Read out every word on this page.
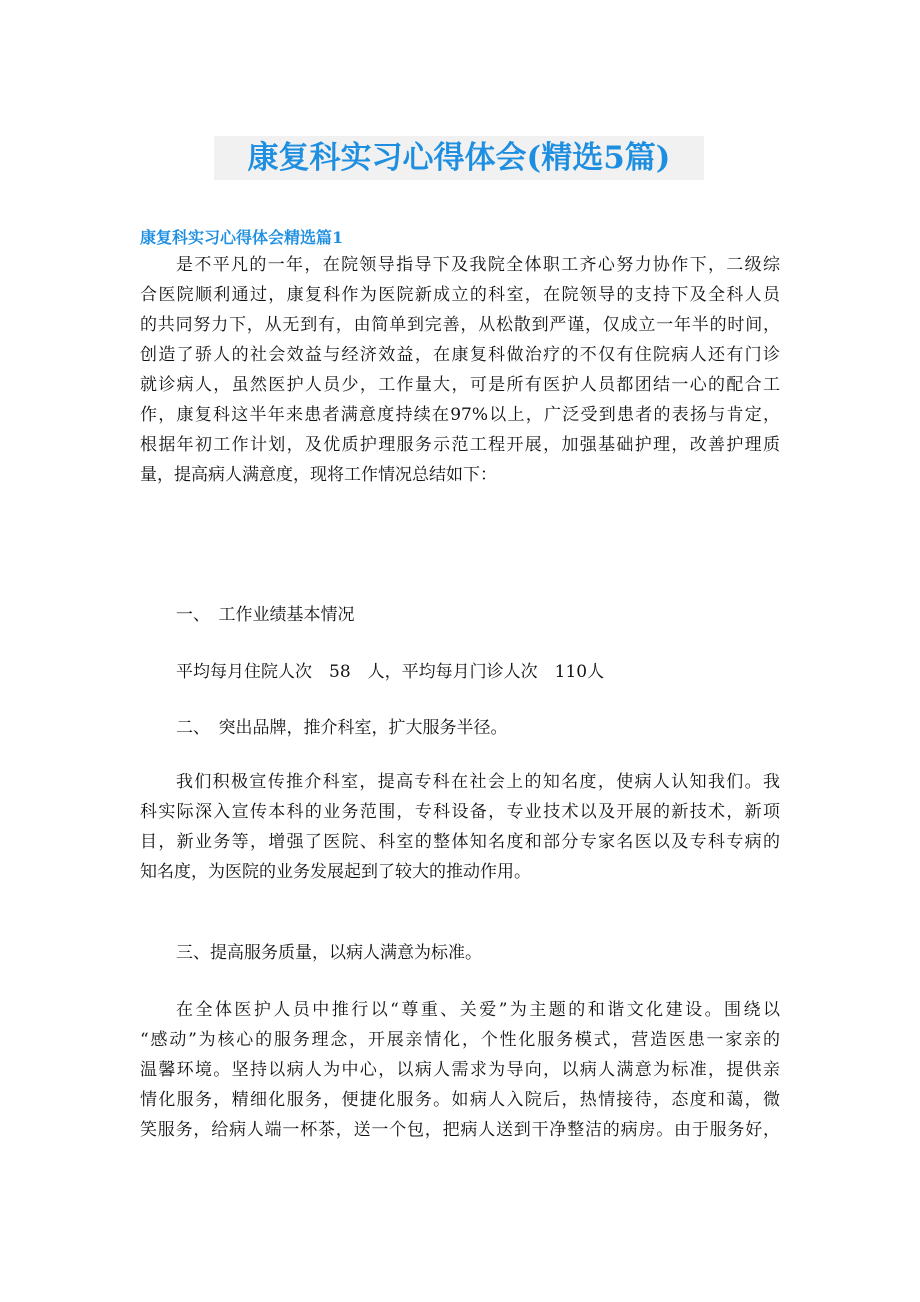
康复科实习心得体会(精选5篇)
康复科实习心得体会精选篇1
是不平凡的一年，在院领导指导下及我院全体职工齐心努力协作下，二级综
合医院顺利通过，康复科作为医院新成立的科室，在院领导的支持下及全科人员
的共同努力下，从无到有，由简单到完善，从松散到严谨，仅成立一年半的时间，
创造了骄人的社会效益与经济效益，在康复科做治疗的不仅有住院病人还有门诊
就诊病人，虽然医护人员少，工作量大，可是所有医护人员都团结一心的配合工
作，康复科这半年来患者满意度持续在97%以上，广泛受到患者的表扬与肯定，
根据年初工作计划，及优质护理服务示范工程开展，加强基础护理，改善护理质
量，提高病人满意度，现将工作情况总结如下：
一、　工作业绩基本情况
平均每月住院人次　58　人，平均每月门诊人次　110人
二、　突出品牌，推介科室，扩大服务半径。
我们积极宣传推介科室，提高专科在社会上的知名度，使病人认知我们。我
科实际深入宣传本科的业务范围，专科设备，专业技术以及开展的新技术，新项
目，新业务等，增强了医院、科室的整体知名度和部分专家名医以及专科专病的
知名度，为医院的业务发展起到了较大的推动作用。
三、提高服务质量，以病人满意为标准。
在全体医护人员中推行以“尊重、关爱”为主题的和谐文化建设。围绕以
“感动”为核心的服务理念，开展亲情化，个性化服务模式，营造医患一家亲的
温馨环境。坚持以病人为中心，以病人需求为导向，以病人满意为标准，提供亲
情化服务，精细化服务，便捷化服务。如病人入院后，热情接待，态度和蔼，微
笑服务，给病人端一杯茶，送一个包，把病人送到干净整洁的病房。由于服务好，
